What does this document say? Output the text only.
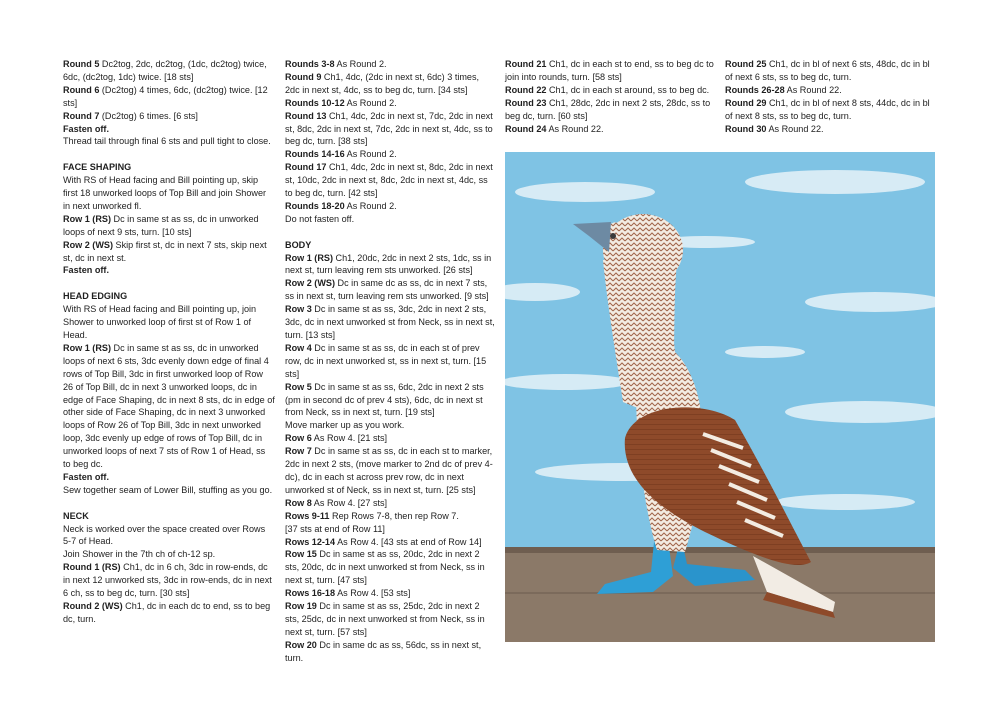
Round 5 Dc2tog, 2dc, dc2tog, (1dc, dc2tog) twice, 6dc, (dc2tog, 1dc) twice. [18 sts]

Round 6 (Dc2tog) 4 times, 6dc, (dc2tog) twice. [12 sts]

Round 7 (Dc2tog) 6 times. [6 sts]

Fasten off.

Thread tail through final 6 sts and pull tight to close.

FACE SHAPING

With RS of Head facing and Bill pointing up, skip first 18 unworked loops of Top Bill and join Shower in next unworked fl.

Row 1 (RS) Dc in same st as ss, dc in unworked loops of next 9 sts, turn. [10 sts]

Row 2 (WS) Skip first st, dc in next 7 sts, skip next st, dc in next st.

Fasten off.

HEAD EDGING

With RS of Head facing and Bill pointing up, join Shower to unworked loop of first st of Row 1 of Head.

Row 1 (RS) Dc in same st as ss, dc in unworked loops of next 6 sts, 3dc evenly down edge of final 4 rows of Top Bill, 3dc in first unworked loop of Row 26 of Top Bill, dc in next 3 unworked loops, dc in edge of Face Shaping, dc in next 8 sts, dc in edge of other side of Face Shaping, dc in next 3 unworked loops of Row 26 of Top Bill, 3dc in next unworked loop, 3dc evenly up edge of rows of Top Bill, dc in unworked loops of next 7 sts of Row 1 of Head, ss to beg dc.

Fasten off.

Sew together seam of Lower Bill, stuffing as you go.

NECK

Neck is worked over the space created over Rows 5-7 of Head.

Join Shower in the 7th ch of ch-12 sp.

Round 1 (RS) Ch1, dc in 6 ch, 3dc in row-ends, dc in next 12 unworked sts, 3dc in row-ends, dc in next 6 ch, ss to beg dc, turn. [30 sts]

Round 2 (WS) Ch1, dc in each dc to end, ss to beg dc, turn.

Rounds 3-8 As Round 2.

Round 9 Ch1, 4dc, (2dc in next st, 6dc) 3 times, 2dc in next st, 4dc, ss to beg dc, turn. [34 sts]

Rounds 10-12 As Round 2.

Round 13 Ch1, 4dc, 2dc in next st, 7dc, 2dc in next st, 8dc, 2dc in next st, 7dc, 2dc in next st, 4dc, ss to beg dc, turn. [38 sts]

Rounds 14-16 As Round 2.

Round 17 Ch1, 4dc, 2dc in next st, 8dc, 2dc in next st, 10dc, 2dc in next st, 8dc, 2dc in next st, 4dc, ss to beg dc, turn. [42 sts]

Rounds 18-20 As Round 2.

Do not fasten off.

BODY

Row 1 (RS) Ch1, 20dc, 2dc in next 2 sts, 1dc, ss in next st, turn leaving rem sts unworked. [26 sts]

Row 2 (WS) Dc in same dc as ss, dc in next 7 sts, ss in next st, turn leaving rem sts unworked. [9 sts]

Row 3 Dc in same st as ss, 3dc, 2dc in next 2 sts, 3dc, dc in next unworked st from Neck, ss in next st, turn. [13 sts]

Row 4 Dc in same st as ss, dc in each st of prev row, dc in next unworked st, ss in next st, turn. [15 sts]

Row 5 Dc in same st as ss, 6dc, 2dc in next 2 sts (pm in second dc of prev 4 sts), 6dc, dc in next st from Neck, ss in next st, turn. [19 sts]

Move marker up as you work.

Row 6 As Row 4. [21 sts]

Row 7 Dc in same st as ss, dc in each st to marker, 2dc in next 2 sts, (move marker to 2nd dc of prev 4-dc), dc in each st across prev row, dc in next unworked st of Neck, ss in next st, turn. [25 sts]

Row 8 As Row 4. [27 sts]

Rows 9-11 Rep Rows 7-8, then rep Row 7.

[37 sts at end of Row 11]

Rows 12-14 As Row 4. [43 sts at end of Row 14]

Row 15 Dc in same st as ss, 20dc, 2dc in next 2 sts, 20dc, dc in next unworked st from Neck, ss in next st, turn. [47 sts]

Rows 16-18 As Row 4. [53 sts]

Row 19 Dc in same st as ss, 25dc, 2dc in next 2 sts, 25dc, dc in next unworked st from Neck, ss in next st, turn. [57 sts]

Row 20 Dc in same dc as ss, 56dc, ss in next st, turn.

Round 21 Ch1, dc in each st to end, ss to beg dc to join into rounds, turn. [58 sts]

Round 22 Ch1, dc in each st around, ss to beg dc.

Round 23 Ch1, 28dc, 2dc in next 2 sts, 28dc, ss to beg dc, turn. [60 sts]

Round 24 As Round 22.

Round 25 Ch1, dc in bl of next 6 sts, 48dc, dc in bl of next 6 sts, ss to beg dc, turn.

Rounds 26-28 As Round 22.

Round 29 Ch1, dc in bl of next 8 sts, 44dc, dc in bl of next 8 sts, ss to beg dc, turn.

Round 30 As Round 22.
